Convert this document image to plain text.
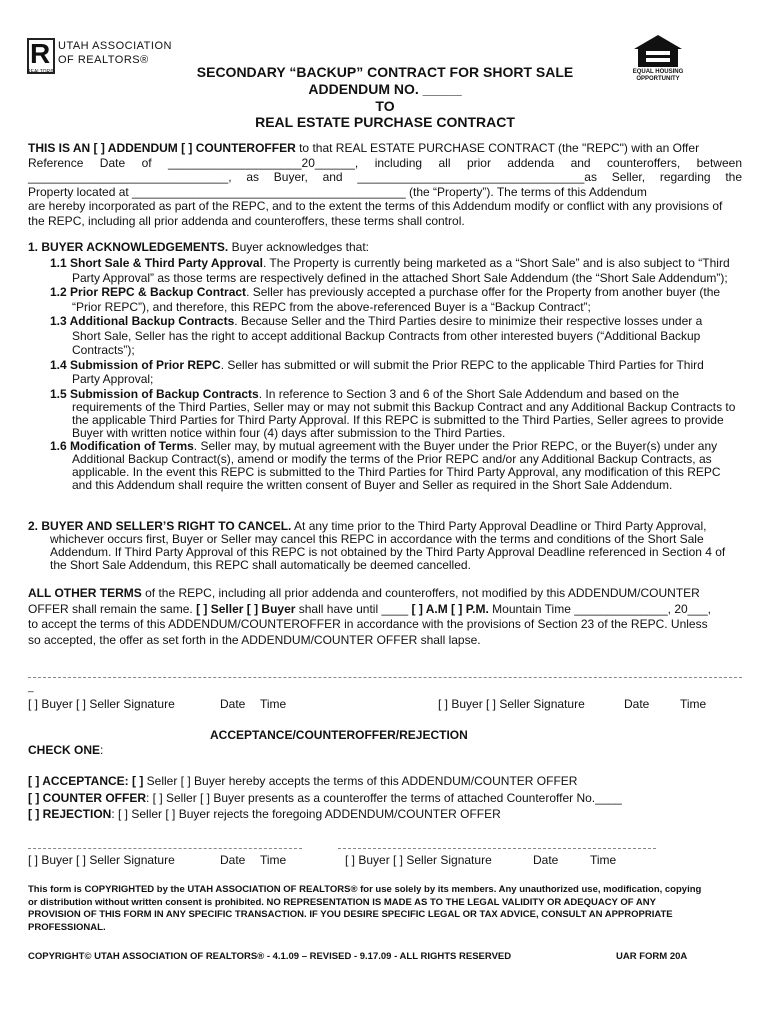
R UTAH ASSOCIATION
OF REALTORS®
REALTOR®	EQUAL HOUSING
OPPORTUNITY
SECONDARY “BACKUP” CONTRACT FOR SHORT SALE
ADDENDUM NO. _____
TO
REAL ESTATE PURCHASE CONTRACT
THIS IS AN [ ] ADDENDUM [ ] COUNTEROFFER to that REAL ESTATE PURCHASE CONTRACT (the "REPC") with an Offer
Reference Date of ____________________20______, including all prior addenda and counteroffers, between
______________________________, as Buyer, and __________________________________as Seller, regarding the
Property located at _________________________________________ (the “Property”). The terms of this Addendum
are hereby incorporated as part of the REPC, and to the extent the terms of this Addendum modify or conflict with any provisions of
the REPC, including all prior addenda and counteroffers, these terms shall control.
1. BUYER ACKNOWLEDGEMENTS. Buyer acknowledges that:
1.1 Short Sale & Third Party Approval. The Property is currently being marketed as a “Short Sale” and is also subject to “Third
Party Approval” as those terms are respectively defined in the attached Short Sale Addendum (the “Short Sale Addendum”);
1.2 Prior REPC & Backup Contract. Seller has previously accepted a purchase offer for the Property from another buyer (the
“Prior REPC”), and therefore, this REPC from the above-referenced Buyer is a “Backup Contract”;
1.3 Additional Backup Contracts. Because Seller and the Third Parties desire to minimize their respective losses under a
Short Sale, Seller has the right to accept additional Backup Contracts from other interested buyers (“Additional Backup
Contracts”);
1.4 Submission of Prior REPC. Seller has submitted or will submit the Prior REPC to the applicable Third Parties for Third
Party Approval;
1.5 Submission of Backup Contracts. In reference to Section 3 and 6 of the Short Sale Addendum and based on the
requirements of the Third Parties, Seller may or may not submit this Backup Contract and any Additional Backup Contracts to
the applicable Third Parties for Third Party Approval. If this REPC is submitted to the Third Parties, Seller agrees to provide
Buyer with written notice within four (4) days after submission to the Third Parties.
1.6 Modification of Terms. Seller may, by mutual agreement with the Buyer under the Prior REPC, or the Buyer(s) under any
Additional Backup Contract(s), amend or modify the terms of the Prior REPC and/or any Additional Backup Contracts, as
applicable. In the event this REPC is submitted to the Third Parties for Third Party Approval, any modification of this REPC
and this Addendum shall require the written consent of Buyer and Seller as required in the Short Sale Addendum.
2. BUYER AND SELLER’S RIGHT TO CANCEL. At any time prior to the Third Party Approval Deadline or Third Party Approval,
whichever occurs first, Buyer or Seller may cancel this REPC in accordance with the terms and conditions of the Short Sale
Addendum. If Third Party Approval of this REPC is not obtained by the Third Party Approval Deadline referenced in Section 4 of
the Short Sale Addendum, this REPC shall automatically be deemed cancelled.
ALL OTHER TERMS of the REPC, including all prior addenda and counteroffers, not modified by this ADDENDUM/COUNTER
OFFER shall remain the same. [ ] Seller [ ] Buyer shall have until ____ [ ] A.M [ ] P.M. Mountain Time ______________, 20___,
to accept the terms of this ADDENDUM/COUNTEROFFER in accordance with the provisions of Section 23 of the REPC. Unless
so accepted, the offer as set forth in the ADDENDUM/COUNTER OFFER shall lapse.
_
[ ] Buyer [ ] Seller Signature	Date Time	[ ] Buyer [ ] Seller Signature	Date	Time
ACCEPTANCE/COUNTEROFFER/REJECTION
CHECK ONE:
[ ] ACCEPTANCE: [ ] Seller [ ] Buyer hereby accepts the terms of this ADDENDUM/COUNTER OFFER
[ ] COUNTER OFFER: [ ] Seller [ ] Buyer presents as a counteroffer the terms of attached Counteroffer No.____
[ ] REJECTION: [ ] Seller [ ] Buyer rejects the foregoing ADDENDUM/COUNTER OFFER
[ ] Buyer [ ] Seller Signature	Date Time	[ ] Buyer [ ] Seller Signature	Date	Time
This form is COPYRIGHTED by the UTAH ASSOCIATION OF REALTORS® for use solely by its members. Any unauthorized use, modification, copying
or distribution without written consent is prohibited. NO REPRESENTATION IS MADE AS TO THE LEGAL VALIDITY OR ADEQUACY OF ANY
PROVISION OF THIS FORM IN ANY SPECIFIC TRANSACTION. IF YOU DESIRE SPECIFIC LEGAL OR TAX ADVICE, CONSULT AN APPROPRIATE
PROFESSIONAL.
COPYRIGHT© UTAH ASSOCIATION OF REALTORS® - 4.1.09 – REVISED - 9.17.09 - ALL RIGHTS RESERVED	UAR FORM 20A
